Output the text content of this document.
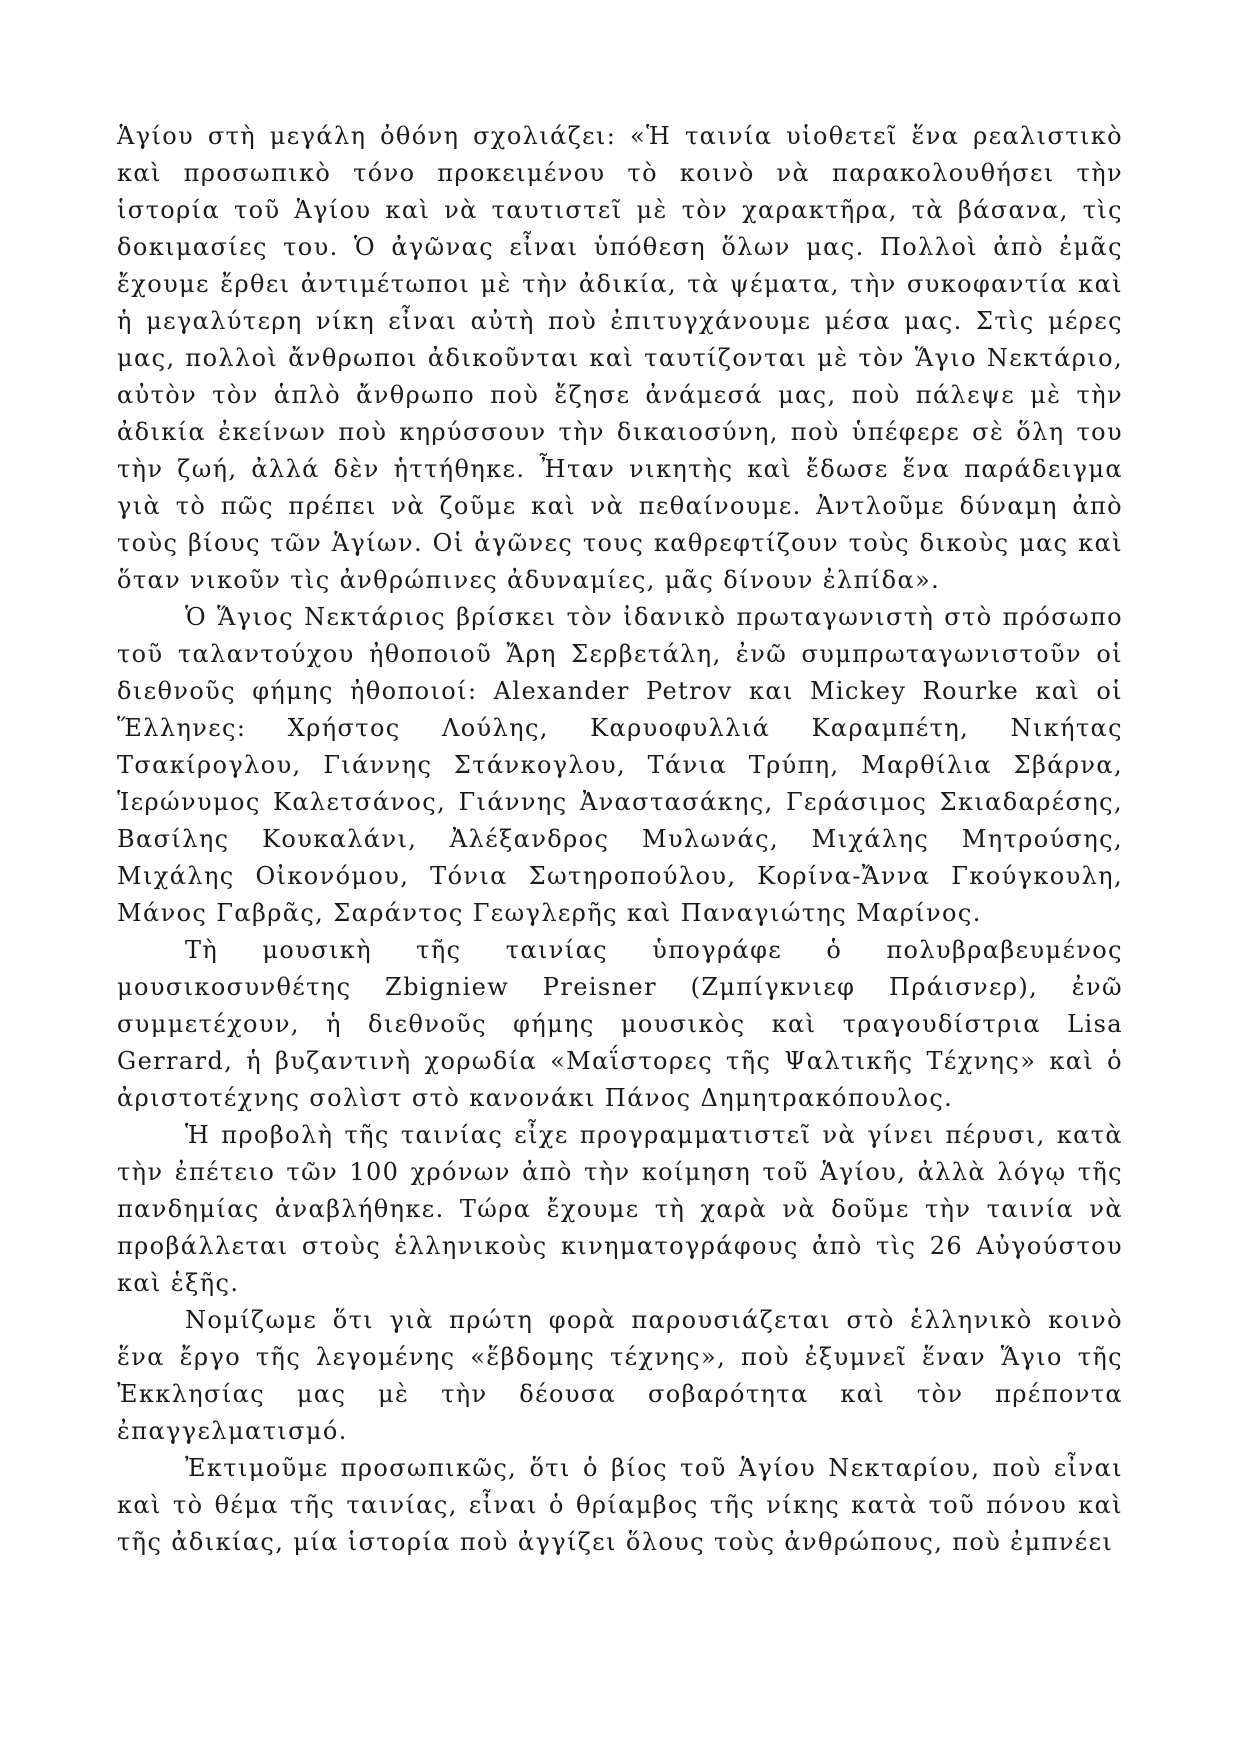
Ἁγίου στὴ μεγάλη ὀθόνη σχολιάζει: «Ἡ ταινία υἱοθετεῖ ἕνα ρεαλιστικὸ καὶ προσωπικὸ τόνο προκειμένου τὸ κοινὸ νὰ παρακολουθήσει τὴν ἱστορία τοῦ Ἁγίου καὶ νὰ ταυτιστεῖ μὲ τὸν χαρακτῆρα, τὰ βάσανα, τὶς δοκιμασίες του. Ὁ ἀγῶνας εἶναι ὑπόθεση ὅλων μας. Πολλοὶ ἀπὸ ἐμᾶς ἔχουμε ἔρθει ἀντιμέτωποι μὲ τὴν ἀδικία, τὰ ψέματα, τὴν συκοφαντία καὶ ἡ μεγαλύτερη νίκη εἶναι αὐτὴ ποὺ ἐπιτυγχάνουμε μέσα μας. Στὶς μέρες μας, πολλοὶ ἄνθρωποι ἀδικοῦνται καὶ ταυτίζονται μὲ τὸν Ἅγιο Νεκτάριο, αὐτὸν τὸν ἁπλὸ ἄνθρωπο ποὺ ἔζησε ἀνάμεσά μας, ποὺ πάλεψε μὲ τὴν ἀδικία ἐκείνων ποὺ κηρύσσουν τὴν δικαιοσύνη, ποὺ ὑπέφερε σὲ ὅλη του τὴν ζωή, ἀλλά δὲν ἡττήθηκε. Ἦταν νικητὴς καὶ ἔδωσε ἕνα παράδειγμα γιὰ τὸ πῶς πρέπει νὰ ζοῦμε καὶ νὰ πεθαίνουμε. Ἀντλοῦμε δύναμη ἀπὸ τοὺς βίους τῶν Ἁγίων. Οἱ ἀγῶνες τους καθρεφτίζουν τοὺς δικοὺς μας καὶ ὅταν νικοῦν τὶς ἀνθρώπινες ἀδυναμίες, μᾶς δίνουν ἐλπίδα».

Ὁ Ἅγιος Νεκτάριος βρίσκει τὸν ἰδανικὸ πρωταγωνιστὴ στὸ πρόσωπο τοῦ ταλαντούχου ἠθοποιοῦ Ἄρη Σερβετάλη, ἐνῶ συμπρωταγωνιστοῦν οἱ διεθνοῦς φήμης ἠθοποιοί: Alexander Petrov και Mickey Rourke καὶ οἱ Ἕλληνες: Χρήστος Λούλης, Καρυοφυλλιά Καραμπέτη, Νικήτας Τσακίρογλου, Γιάννης Στάνκογλου, Τάνια Τρύπη, Μαρθίλια Σβάρνα, Ἱερώνυμος Καλετσάνος, Γιάννης Ἀναστασάκης, Γεράσιμος Σκιαδαρέσης, Βασίλης Κουκαλάνι, Ἀλέξανδρος Μυλωνάς, Μιχάλης Μητρούσης, Μιχάλης Οἰκονόμου, Τόνια Σωτηροπούλου, Κορίνα-Ἄννα Γκούγκουλη, Μάνος Γαβρᾶς, Σαράντος Γεωγλερῆς καὶ Παναγιώτης Μαρίνος.

Τὴ μουσικὴ τῆς ταινίας ὑπογράφε ὁ πολυβραβευμένος μουσικοσυνθέτης Zbigniew Preisner (Ζμπίγκνιεφ Πράισνερ), ἐνῶ συμμετέχουν, ἡ διεθνοῦς φήμης μουσικὸς καὶ τραγουδίστρια Lisa Gerrard, ἡ βυζαντινὴ χορωδία «Μαΐστορες τῆς Ψαλτικῆς Τέχνης» καὶ ὁ ἀριστοτέχνης σολὶστ στὸ κανονάκι Πάνος Δημητρακόπουλος.

Ἡ προβολὴ τῆς ταινίας εἶχε προγραμματιστεῖ νὰ γίνει πέρυσι, κατὰ τὴν ἐπέτειο τῶν 100 χρόνων ἀπὸ τὴν κοίμηση τοῦ Ἁγίου, ἀλλὰ λόγῳ τῆς πανδημίας ἀναβλήθηκε. Τώρα ἔχουμε τὴ χαρὰ νὰ δοῦμε τὴν ταινία νὰ προβάλλεται στοὺς ἑλληνικοὺς κινηματογράφους ἀπὸ τὶς 26 Αὐγούστου καὶ ἑξῆς.

Νομίζωμε ὅτι γιὰ πρώτη φορὰ παρουσιάζεται στὸ ἑλληνικὸ κοινὸ ἕνα ἔργο τῆς λεγομένης «ἕβδομης τέχνης», ποὺ ἐξυμνεῖ ἕναν Ἅγιο τῆς Ἐκκλησίας μας μὲ τὴν δέουσα σοβαρότητα καὶ τὸν πρέποντα ἐπαγγελματισμό.

Ἐκτιμοῦμε προσωπικῶς, ὅτι ὁ βίος τοῦ Ἁγίου Νεκταρίου, ποὺ εἶναι καὶ τὸ θέμα τῆς ταινίας, εἶναι ὁ θρίαμβος τῆς νίκης κατὰ τοῦ πόνου καὶ τῆς ἀδικίας, μία ἱστορία ποὺ ἀγγίζει ὅλους τοὺς ἀνθρώπους, ποὺ ἐμπνέει
